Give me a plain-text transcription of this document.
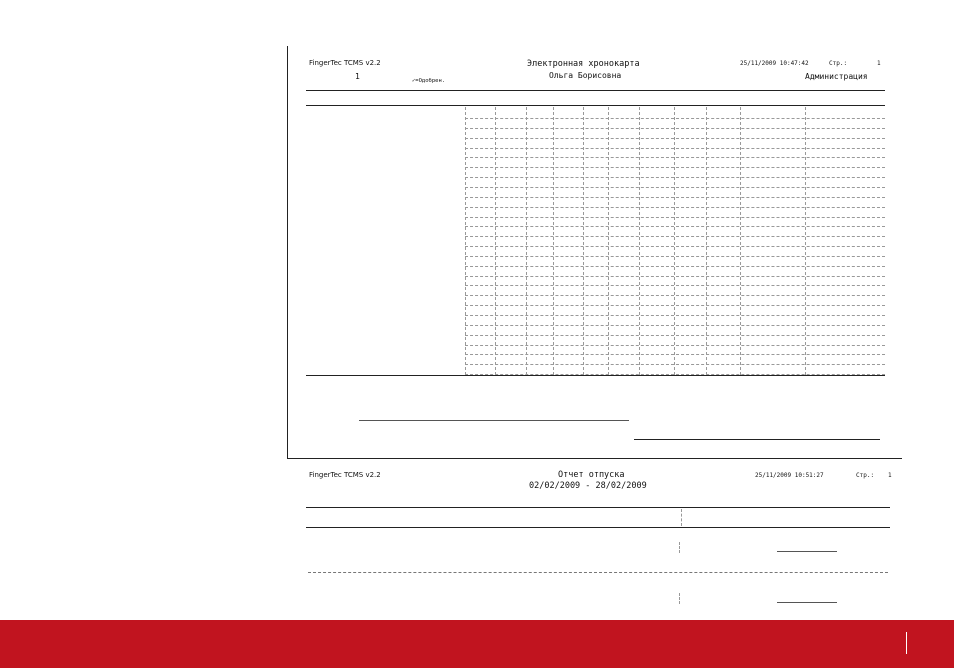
FingerTec TCMS v2.2	Электронная хронокарта
Ольга Борисовна
25/11/2009 10:47:42	Стр.:	1
1	✓=Одобрен.	Администрация
FingerTec TCMS v2.2	Отчет отпуска
02/02/2009 - 28/02/2009
25/11/2009 10:51:27	Стр.: 1
